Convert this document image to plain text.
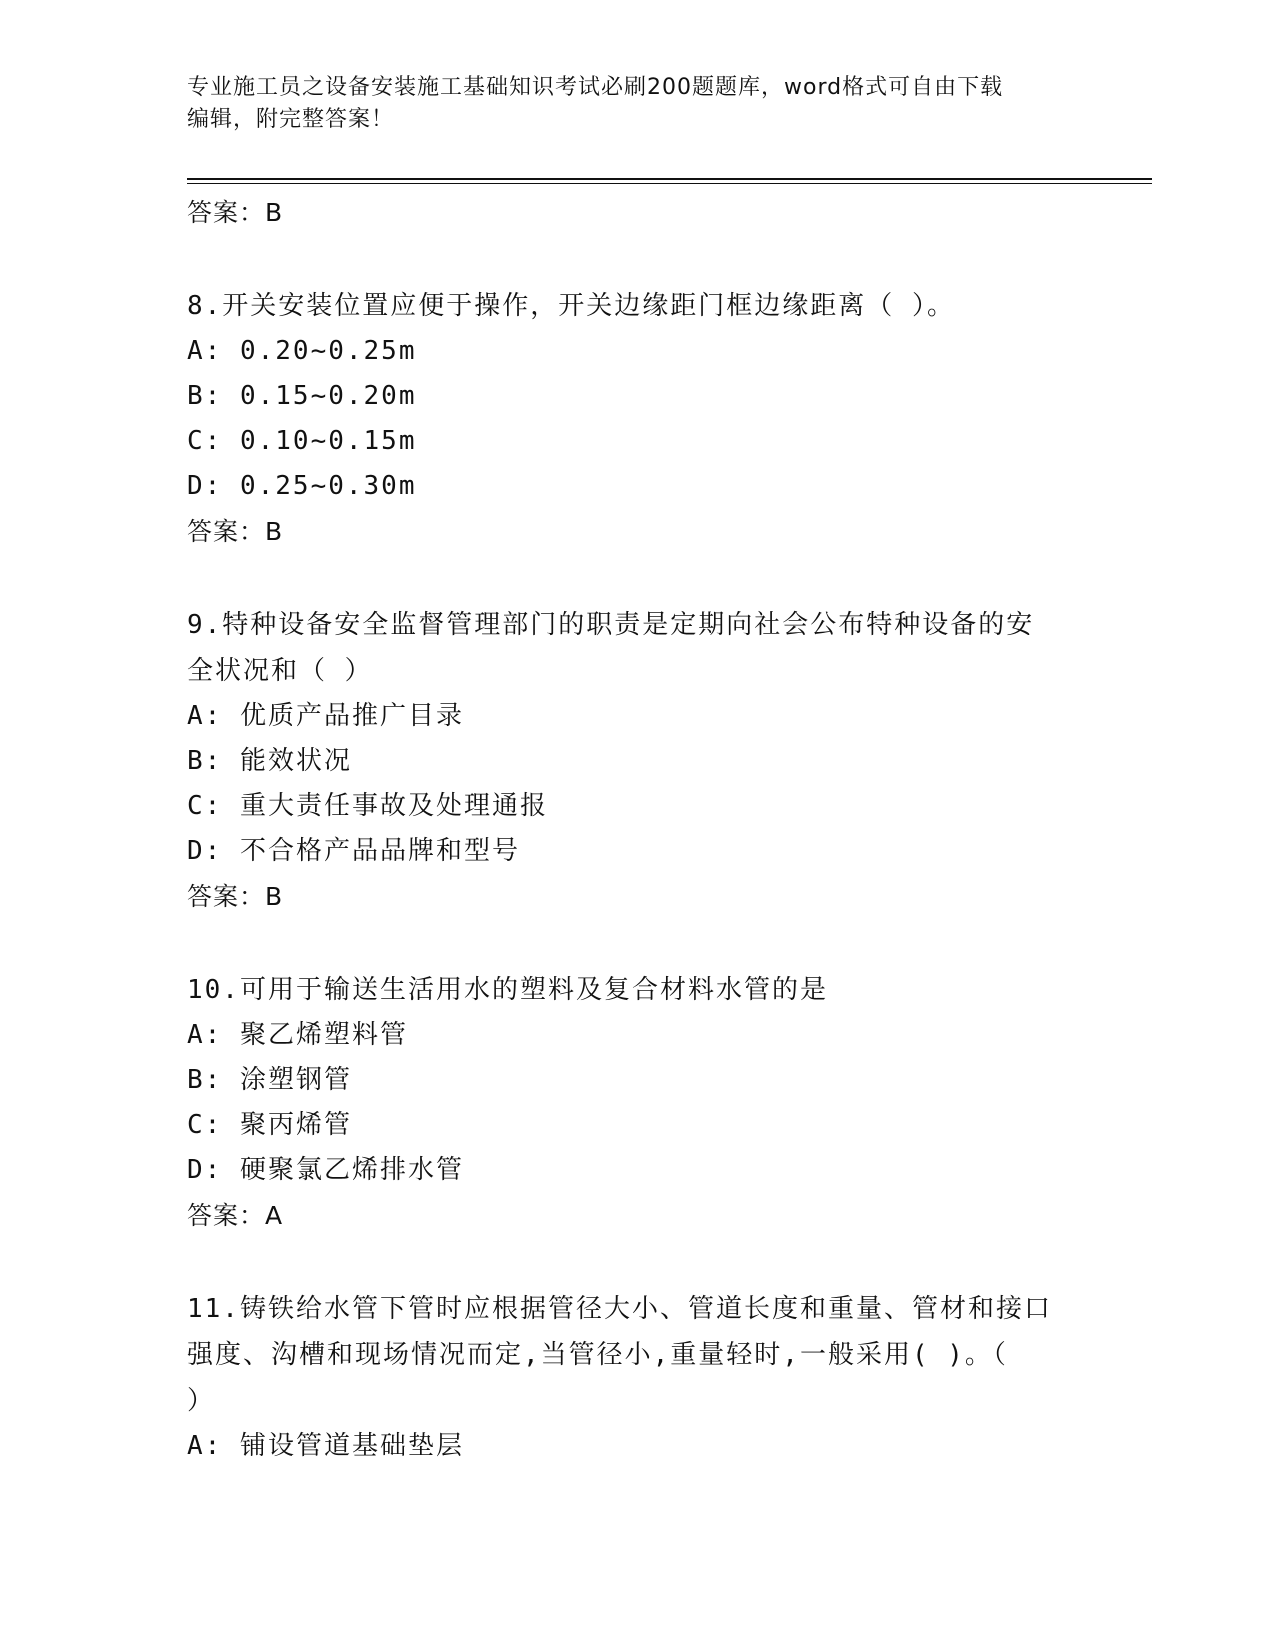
专业施工员之设备安装施工基础知识考试必刷200题题库，word格式可自由下载
编辑，附完整答案！
答案：B
8.开关安装位置应便于操作，开关边缘距门框边缘距离（ ）。
A: 0.20~0.25m
B: 0.15~0.20m
C: 0.10~0.15m
D: 0.25~0.30m
答案：B
9.特种设备安全监督管理部门的职责是定期向社会公布特种设备的安
全状况和（ ）
A: 优质产品推广目录
B: 能效状况
C: 重大责任事故及处理通报
D: 不合格产品品牌和型号
答案：B
10.可用于输送生活用水的塑料及复合材料水管的是
A: 聚乙烯塑料管
B: 涂塑钢管
C: 聚丙烯管
D: 硬聚氯乙烯排水管
答案：A
11.铸铁给水管下管时应根据管径大小、管道长度和重量、管材和接口
强度、沟槽和现场情况而定,当管径小,重量轻时,一般采用( )。（
）
A: 铺设管道基础垫层
